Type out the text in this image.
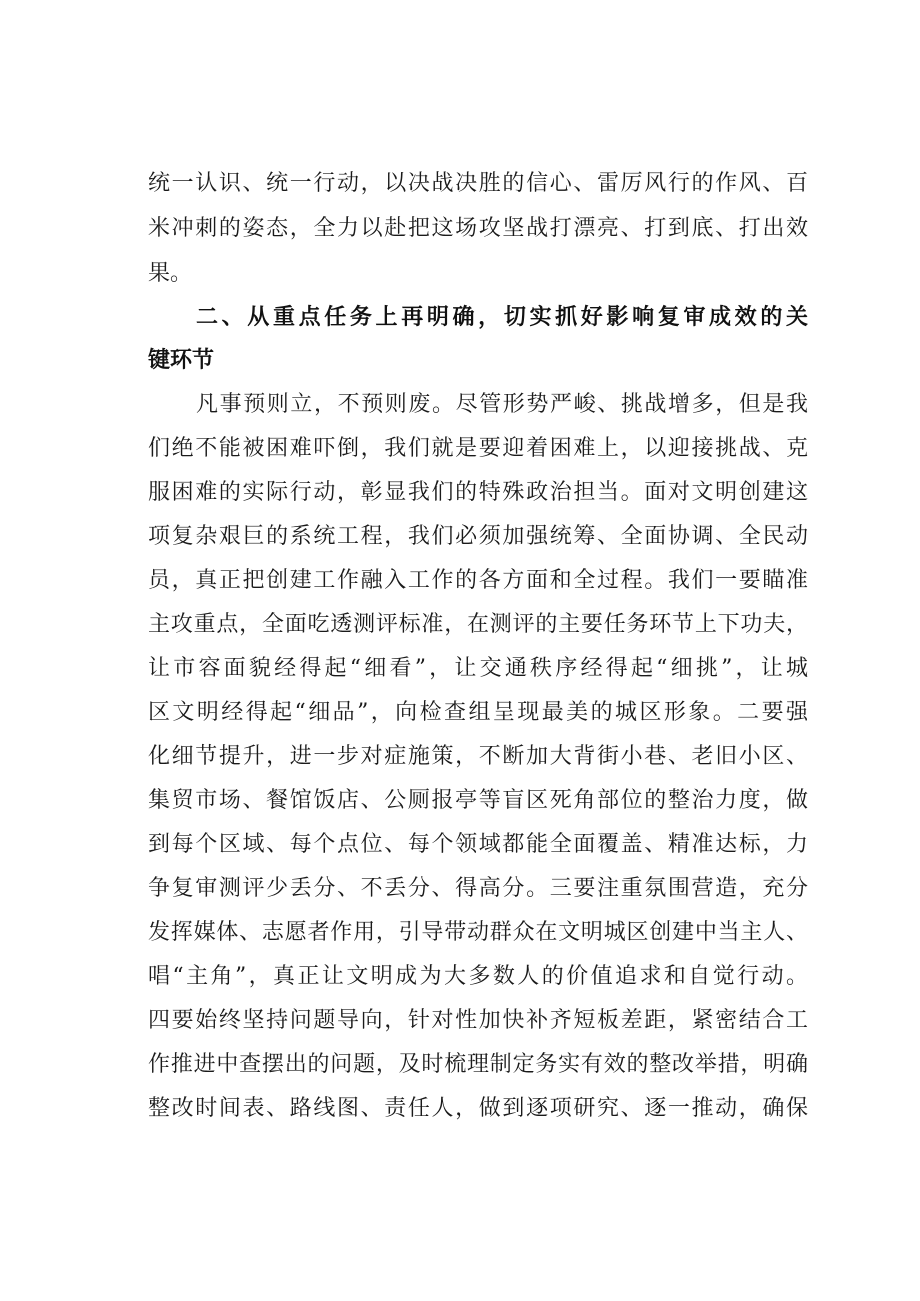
统一认识、统一行动，以决战决胜的信心、雷厉风行的作风、百
米冲刺的姿态，全力以赴把这场攻坚战打漂亮、打到底、打出效
果。
二、从重点任务上再明确，切实抓好影响复审成效的关
键环节
凡事预则立，不预则废。尽管形势严峻、挑战增多，但是我
们绝不能被困难吓倒，我们就是要迎着困难上，以迎接挑战、克
服困难的实际行动，彰显我们的特殊政治担当。面对文明创建这
项复杂艰巨的系统工程，我们必须加强统筹、全面协调、全民动
员，真正把创建工作融入工作的各方面和全过程。我们一要瞄准
主攻重点，全面吃透测评标准，在测评的主要任务环节上下功夫，
让市容面貌经得起“细看”，让交通秩序经得起“细挑”，让城
区文明经得起“细品”，向检查组呈现最美的城区形象。二要强
化细节提升，进一步对症施策，不断加大背街小巷、老旧小区、
集贸市场、餐馆饭店、公厕报亭等盲区死角部位的整治力度，做
到每个区域、每个点位、每个领域都能全面覆盖、精准达标，力
争复审测评少丢分、不丢分、得高分。三要注重氛围营造，充分
发挥媒体、志愿者作用，引导带动群众在文明城区创建中当主人、
唱“主角”，真正让文明成为大多数人的价值追求和自觉行动。
四要始终坚持问题导向，针对性加快补齐短板差距，紧密结合工
作推进中查摆出的问题，及时梳理制定务实有效的整改举措，明确
整改时间表、路线图、责任人，做到逐项研究、逐一推动，确保
